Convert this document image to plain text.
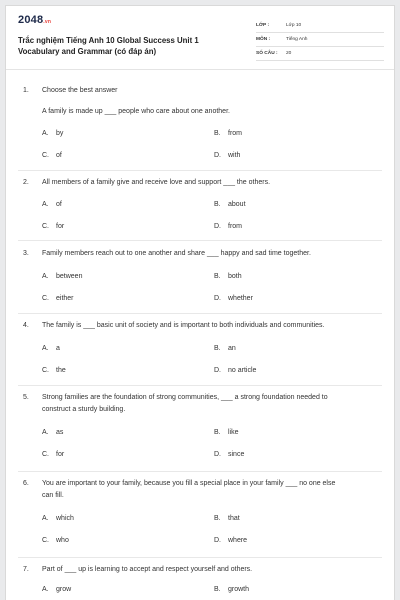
2048.vn
Trắc nghiệm Tiếng Anh 10 Global Success Unit 1 Vocabulary and Grammar (có đáp án)
LỚP :	Lớp 10
MÔN :	Tiếng Anh
SỐ CÂU :	20
1. Choose the best answer
A family is made up ___ people who care about one another.
A. by	B. from
C. of	D. with
2. All members of a family give and receive love and support ___ the others.
A. of	B. about
C. for	D. from
3. Family members reach out to one another and share ___ happy and sad time together.
A. between	B. both
C. either	D. whether
4. The family is ___ basic unit of society and is important to both individuals and communities.
A. a	B. an
C. the	D. no article
5. Strong families are the foundation of strong communities, ___ a strong foundation needed to
construct a sturdy building.
A. as	B. like
C. for	D. since
6. You are important to your family, because you fill a special place in your family ___ no one else
can fill.
A. which	B. that
C. who	D. where
7. Part of ___ up is learning to accept and respect yourself and others.
A. grow	B. growth
